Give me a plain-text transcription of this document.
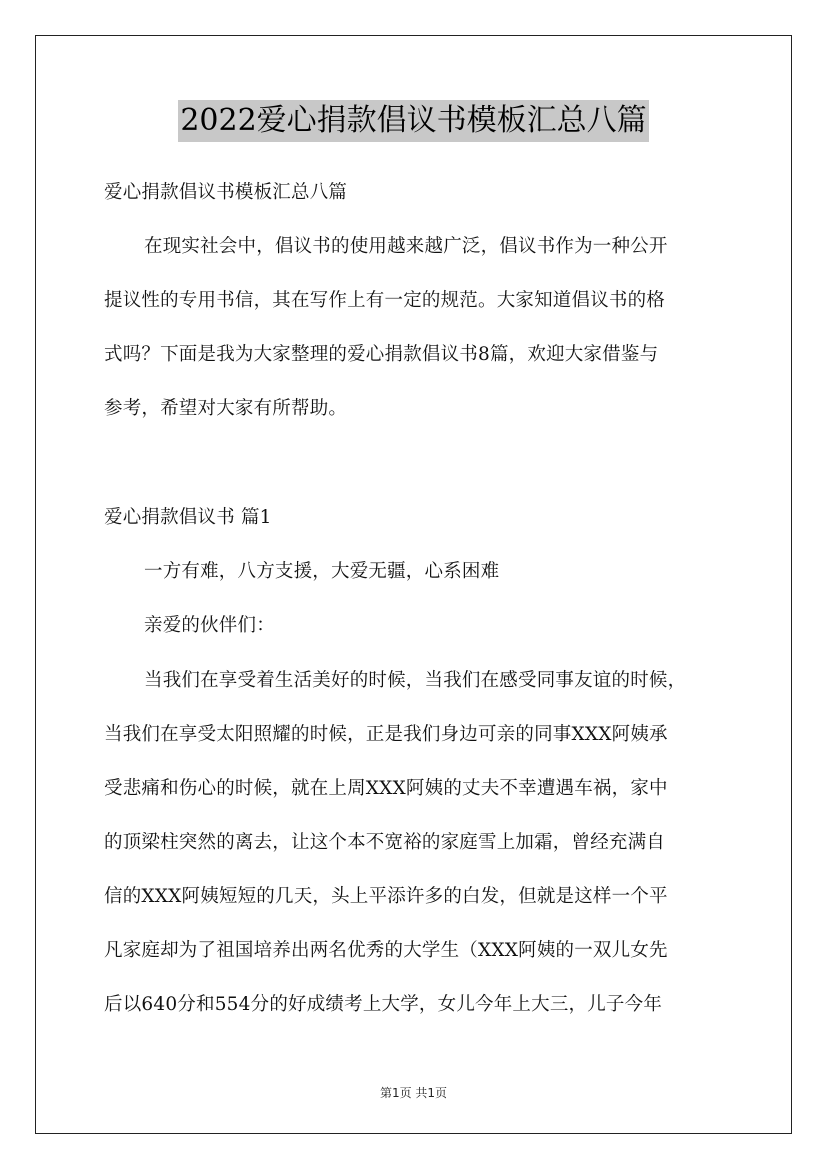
2022爱心捐款倡议书模板汇总八篇
爱心捐款倡议书模板汇总八篇
在现实社会中，倡议书的使用越来越广泛，倡议书作为一种公开
提议性的专用书信，其在写作上有一定的规范。大家知道倡议书的格
式吗？下面是我为大家整理的爱心捐款倡议书8篇，欢迎大家借鉴与
参考，希望对大家有所帮助。
爱心捐款倡议书 篇1
一方有难，八方支援，大爱无疆，心系困难
亲爱的伙伴们：
当我们在享受着生活美好的时候，当我们在感受同事友谊的时候，
当我们在享受太阳照耀的时候，正是我们身边可亲的同事XXX阿姨承
受悲痛和伤心的时候，就在上周XXX阿姨的丈夫不幸遭遇车祸，家中
的顶梁柱突然的离去，让这个本不宽裕的家庭雪上加霜，曾经充满自
信的XXX阿姨短短的几天，头上平添许多的白发，但就是这样一个平
凡家庭却为了祖国培养出两名优秀的大学生（XXX阿姨的一双儿女先
后以640分和554分的好成绩考上大学，女儿今年上大三，儿子今年
第1页 共1页
